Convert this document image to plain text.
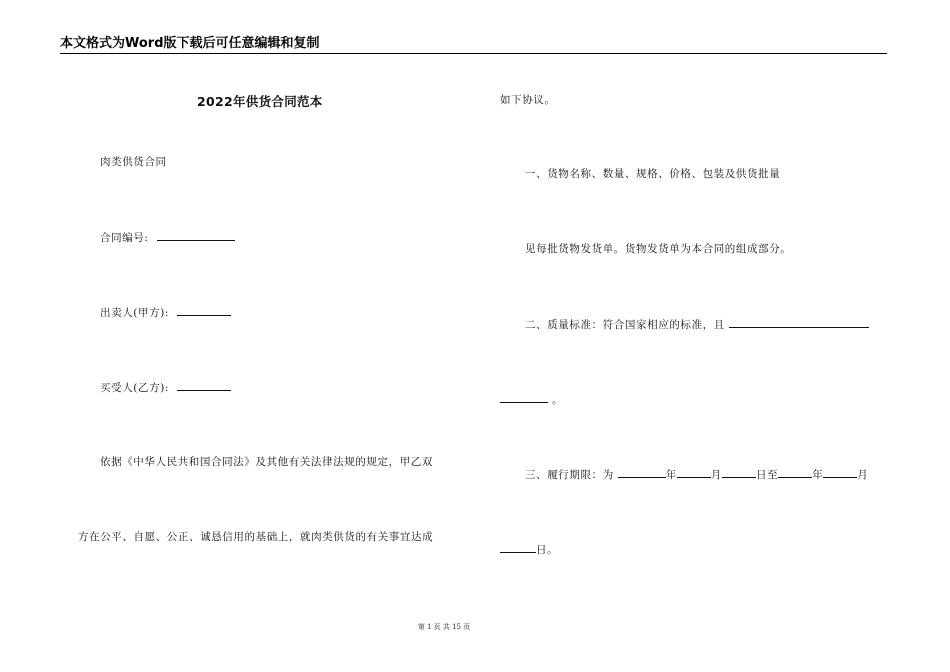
本文格式为Word版下载后可任意编辑和复制
2022年供货合同范本
肉类供货合同
合同编号:
出卖人(甲方):
买受人(乙方):
依据《中华人民共和国合同法》及其他有关法律法规的规定，甲乙双
方在公平、自愿、公正、诚恳信用的基础上，就肉类供货的有关事宜达成
如下协议。
一、货物名称、数量、规格、价格、包装及供货批量
见每批货物发货单。货物发货单为本合同的组成部分。
二、质量标准：符合国家相应的标准，且
。
三、履行期限：为	年	月	日至	年	月
日。
第 1 页 共 15 页
